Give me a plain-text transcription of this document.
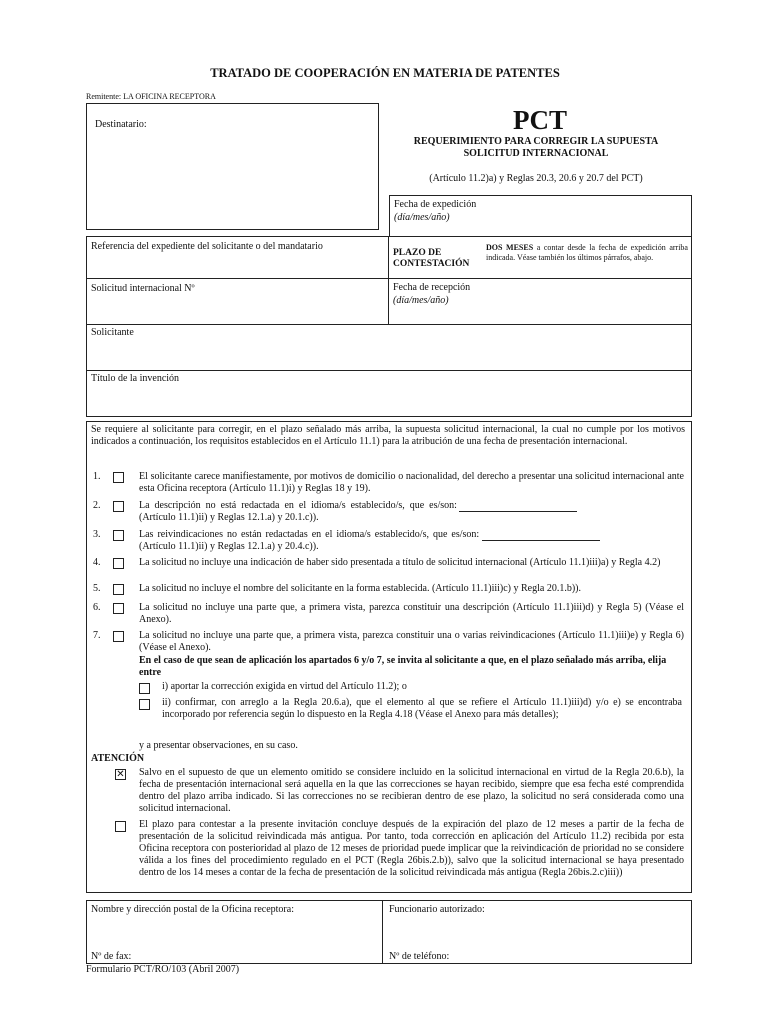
TRATADO DE COOPERACIÓN EN MATERIA DE PATENTES
Remitente: LA OFICINA RECEPTORA
Destinatario:	PCT
REQUERIMIENTO PARA CORREGIR LA SUPUESTA SOLICITUD INTERNACIONAL
(Artículo 11.2)a) y Reglas 20.3, 20.6 y 20.7 del PCT)
Fecha de expedición
(día/mes/año)
Referencia del expediente del solicitante o del mandatario
PLAZO DE CONTESTACIÓN
DOS MESES a contar desde la fecha de expedición arriba indicada. Véase también los últimos párrafos, abajo.
Solicitud internacional Nº	Fecha de recepción
(día/mes/año)
Solicitante
Título de la invención
Se requiere al solicitante para corregir, en el plazo señalado más arriba, la supuesta solicitud internacional, la cual no cumple por los motivos indicados a continuación, los requisitos establecidos en el Artículo 11.1) para la atribución de una fecha de presentación internacional.
1.	El solicitante carece manifiestamente, por motivos de domicilio o nacionalidad, del derecho a presentar una solicitud internacional ante esta Oficina receptora (Artículo 11.1)i) y Reglas 18 y 19).
2.	La descripción no está redactada en el idioma/s establecido/s, que es/son:
(Artículo 11.1)ii) y Reglas 12.1.a) y 20.1.c)).
3.	Las reivindicaciones no están redactadas en el idioma/s establecido/s, que es/son:
(Artículo 11.1)ii) y Reglas 12.1.a) y 20.4.c)).
4.	La solicitud no incluye una indicación de haber sido presentada a título de solicitud internacional (Artículo 11.1)iii)a) y Regla 4.2)
5.	La solicitud no incluye el nombre del solicitante en la forma establecida. (Artículo 11.1)iii)c) y Regla 20.1.b)).
6.	La solicitud no incluye una parte que, a primera vista, parezca constituir una descripción (Artículo 11.1)iii)d) y Regla 5) (Véase el Anexo).
7.	La solicitud no incluye una parte que, a primera vista, parezca constituir una o varias reivindicaciones (Artículo 11.1)iii)e) y Regla 6) (Véase el Anexo).
En el caso de que sean de aplicación los apartados 6 y/o 7, se invita al solicitante a que, en el plazo señalado más arriba, elija entre
i) aportar la corrección exigida en virtud del Artículo 11.2); o
ii) confirmar, con arreglo a la Regla 20.6.a), que el elemento al que se refiere el Artículo 11.1)iii)d) y/o e) se encontraba incorporado por referencia según lo dispuesto en la Regla 4.18 (Véase el Anexo para más detalles);
y a presentar observaciones, en su caso.
ATENCIÓN
✕ Salvo en el supuesto de que un elemento omitido se considere incluido en la solicitud internacional en virtud de la Regla 20.6.b), la fecha de presentación internacional será aquella en la que las correcciones se hayan recibido, siempre que esa fecha esté comprendida dentro del plazo arriba indicado. Si las correcciones no se recibieran dentro de ese plazo, la solicitud no será considerada como una solicitud internacional.
El plazo para contestar a la presente invitación concluye después de la expiración del plazo de 12 meses a partir de la fecha de presentación de la solicitud reivindicada más antigua. Por tanto, toda corrección en aplicación del Artículo 11.2) recibida por esta Oficina receptora con posterioridad al plazo de 12 meses de prioridad puede implicar que la reivindicación de prioridad no se considere válida a los fines del procedimiento regulado en el PCT (Regla 26bis.2.b)), salvo que la solicitud internacional se haya presentado dentro de los 14 meses a contar de la fecha de presentación de la solicitud reivindicada más antigua (Regla 26bis.2.c)iii))
Nombre y dirección postal de la Oficina receptora:
Nº de fax:
Funcionario autorizado:
Nº de teléfono:
Formulario PCT/RO/103 (Abril 2007)
